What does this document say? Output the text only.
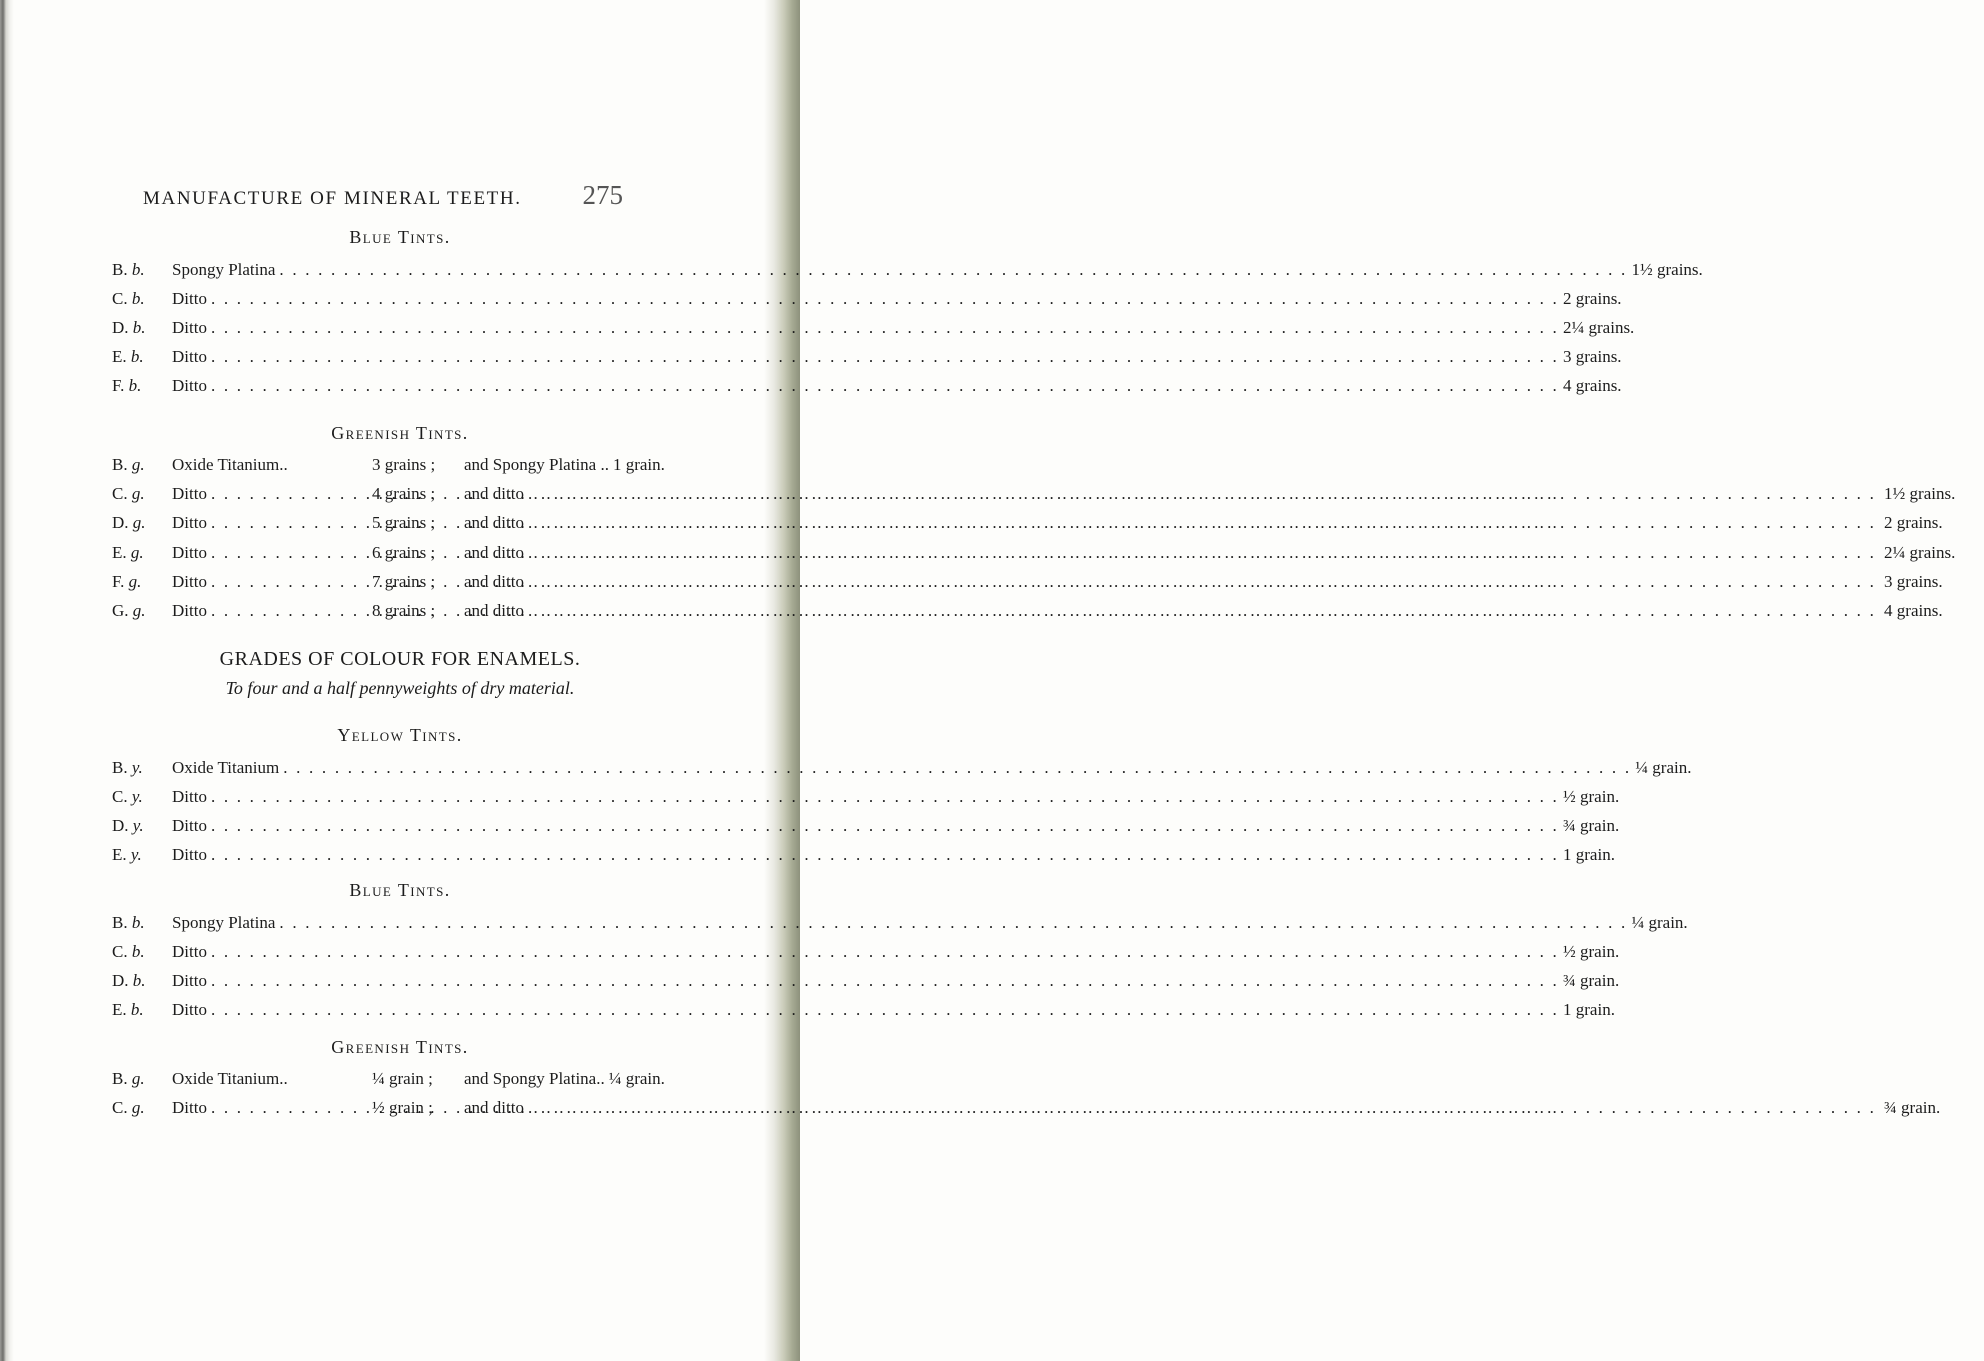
MANUFACTURE OF MINERAL TEETH. 275
Blue Tints.
B. b.	Spongy Platina . . .	1½ grains.
C. b.	Ditto . . .	2 grains.
D. b.	Ditto . . .	2¼ grains.
E. b.	Ditto . . .	3 grains.
F. b.	Ditto . . .	4 grains.
Greenish Tints.
B. g.	Oxide Titanium..	3 grains ;	and Spongy Platina .. 1 grain.
C. g.	Ditto . . .	4 grains ;	and ditto . . .	1½ grains.
D. g.	Ditto . . .	5 grains ;	and ditto . . .	2 grains.
E. g.	Ditto . . .	6 grains ;	and ditto . . .	2¼ grains.
F. g.	Ditto . . .	7 grains ;	and ditto . . .	3 grains.
G. g.	Ditto . . .	8 grains ;	and ditto . . .	4 grains.
GRADES OF COLOUR FOR ENAMELS.
To four and a half pennyweights of dry material.
Yellow Tints.
B. y.	Oxide Titanium . . .	¼ grain.
C. y.	Ditto . . .	½ grain.
D. y.	Ditto . . .	¾ grain.
E. y.	Ditto . . .	1 grain.
Blue Tints.
B. b.	Spongy Platina . . .	¼ grain.
C. b.	Ditto . . .	½ grain.
D. b.	Ditto . . .	¾ grain.
E. b.	Ditto . . .	1 grain.
Greenish Tints.
B. g.	Oxide Titanium..	¼ grain ;	and Spongy Platina.. ¼ grain.
C. g.	Ditto . . .	½ grain ;	and ditto . . .	¾ grain.
